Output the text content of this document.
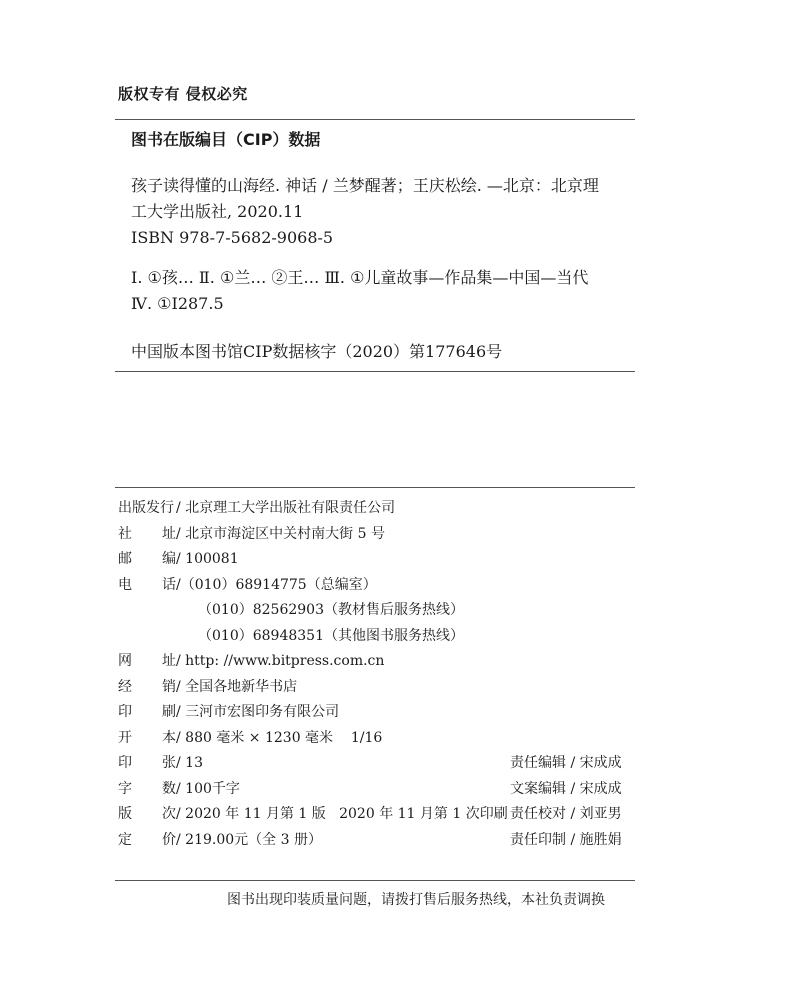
版权专有 侵权必究
图书在版编目（CIP）数据
孩子读得懂的山海经. 神话 / 兰梦醒著；王庆松绘. —北京：北京理
工大学出版社, 2020.11
ISBN 978-7-5682-9068-5
Ⅰ. ①孩… Ⅱ. ①兰… ②王… Ⅲ. ①儿童故事—作品集—中国—当代
Ⅳ. ①I287.5
中国版本图书馆CIP数据核字（2020）第177646号
出版发行 / 北京理工大学出版社有限责任公司
社 址 / 北京市海淀区中关村南大街 5 号
邮 编 / 100081
电 话 /（010）68914775（总编室）
（010）82562903（教材售后服务热线）
（010）68948351（其他图书服务热线）
网 址 / http: //www.bitpress.com.cn
经 销 / 全国各地新华书店
印 刷 / 三河市宏图印务有限公司
开 本 / 880 毫米 × 1230 毫米    1/16
印 张 / 13	责任编辑 / 宋成成
字 数 / 100千字	文案编辑 / 宋成成
版 次 / 2020 年 11 月第 1 版   2020 年 11 月第 1 次印刷 责任校对 / 刘亚男
定 价 / 219.00元（全 3 册）	责任印制 / 施胜娟
图书出现印装质量问题，请拨打售后服务热线，本社负责调换
